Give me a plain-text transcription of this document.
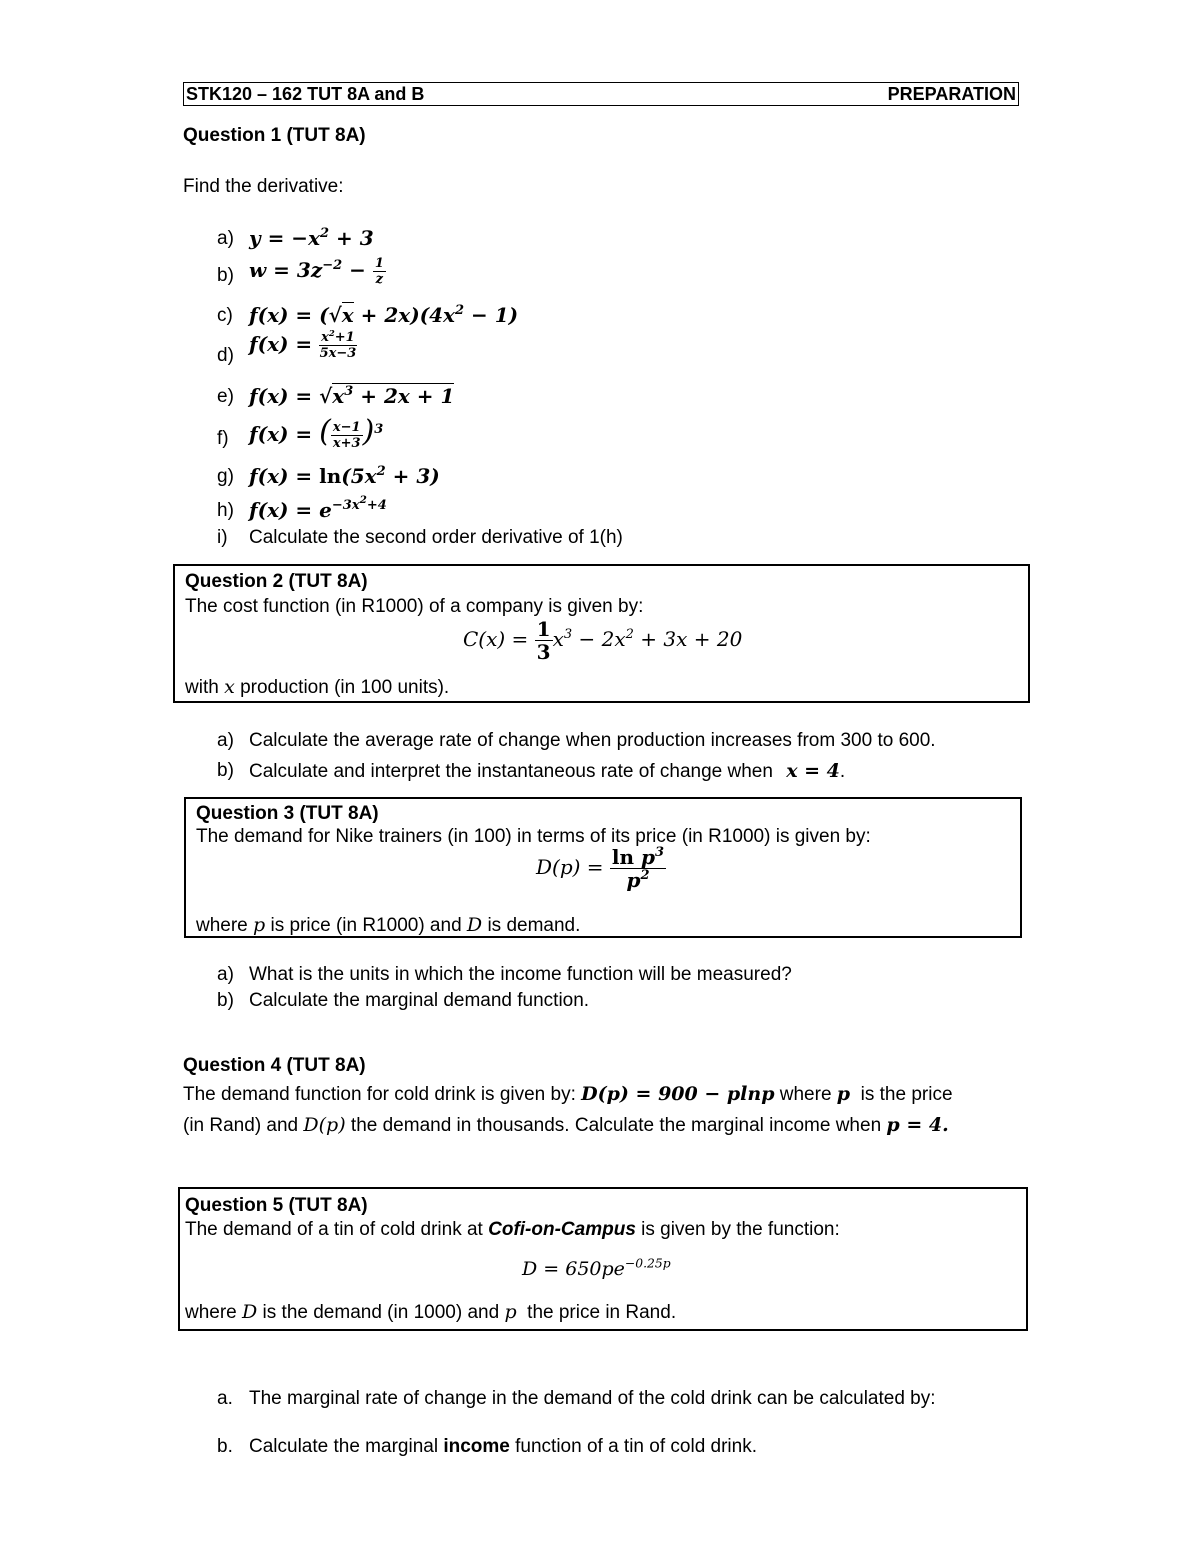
STK120 – 162 TUT 8A and B	PREPARATION
Question 1 (TUT 8A)
Find the derivative:
a) $y = -x^2 + 3$
b) $w = 3z^{-2} - \frac{1}{z}$
c) $f(x) = (√x + 2x)(4x^2 - 1)$
d) $f(x) = \frac{x^2+1}{5x-3}$
e) $f(x) = √x^3 + 2x + 1$
f) f(x) = ( $\frac{x-1}{x+3} )^3$
g) $f(x) = \ln(5x^2 + 3)$
h) $f(x) = e^{-3x^2+4}$
i) Calculate the second order derivative of 1(h)
Question 2 (TUT 8A)
The cost function (in R1000) of a company is given by:
$C(x) = \frac{1}{3} x^3 - 2x^2 + 3x + 20$
with x production (in 100 units).
a) Calculate the average rate of change when production increases from 300 to 600.
b) Calculate and interpret the instantaneous rate of change when x = 4.
Question 3 (TUT 8A)
The demand for Nike trainers (in 100) in terms of its price (in R1000) is given by:
$D(p) = \frac{\ln p^3}{p^2}$
where p is price (in R1000) and D is demand.
a) What is the units in which the income function will be measured?
b) Calculate the marginal demand function.
Question 4 (TUT 8A)
The demand function for cold drink is given by: D(p) = 900 − plnp where p is the price
(in Rand) and D(p) the demand in thousands. Calculate the marginal income when p = 4.
Question 5 (TUT 8A)
The demand of a tin of cold drink at Cofi-on-Campus is given by the function:
$D = 650pe^{-0.25p}$
where D is the demand (in 1000) and p the price in Rand.
a. The marginal rate of change in the demand of the cold drink can be calculated by:
b. Calculate the marginal income function of a tin of cold drink.
